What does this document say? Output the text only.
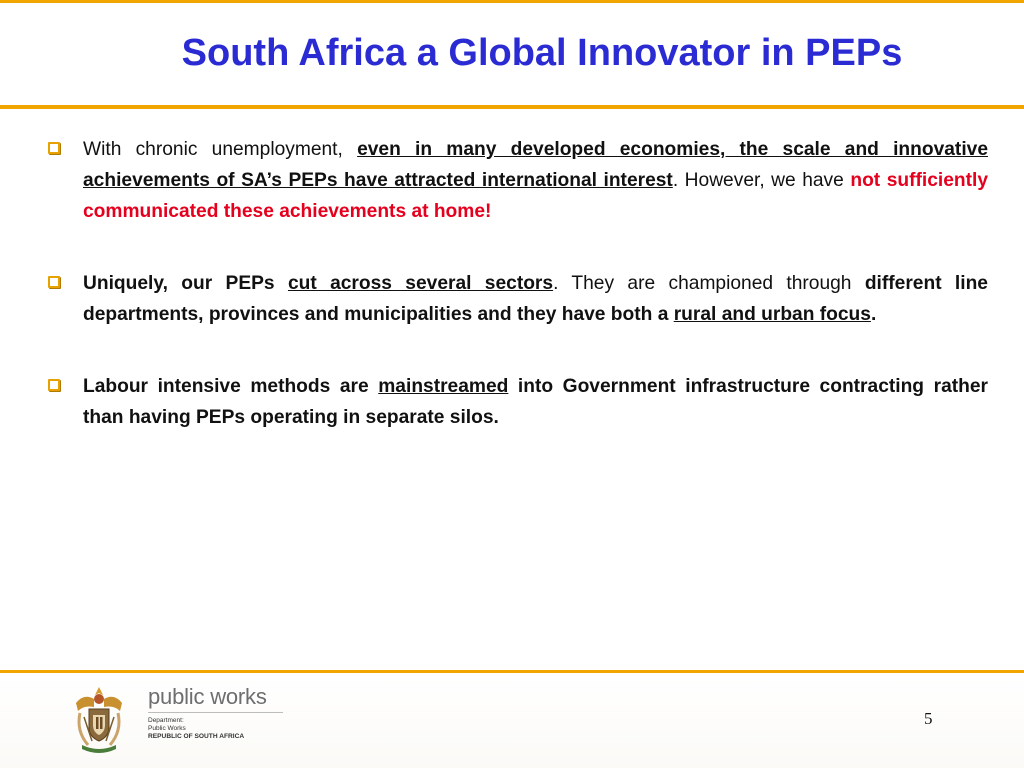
South Africa a Global Innovator in PEPs
With chronic unemployment, even in many developed economies, the scale and innovative achievements of SA’s PEPs have attracted international interest. However, we have not sufficiently communicated these achievements at home!
Uniquely, our PEPs cut across several sectors. They are championed through different line departments, provinces and municipalities and they have both a rural and urban focus.
Labour intensive methods are mainstreamed into Government infrastructure contracting rather than having PEPs operating in separate silos.
public works
Department:
Public Works
REPUBLIC OF SOUTH AFRICA
5
